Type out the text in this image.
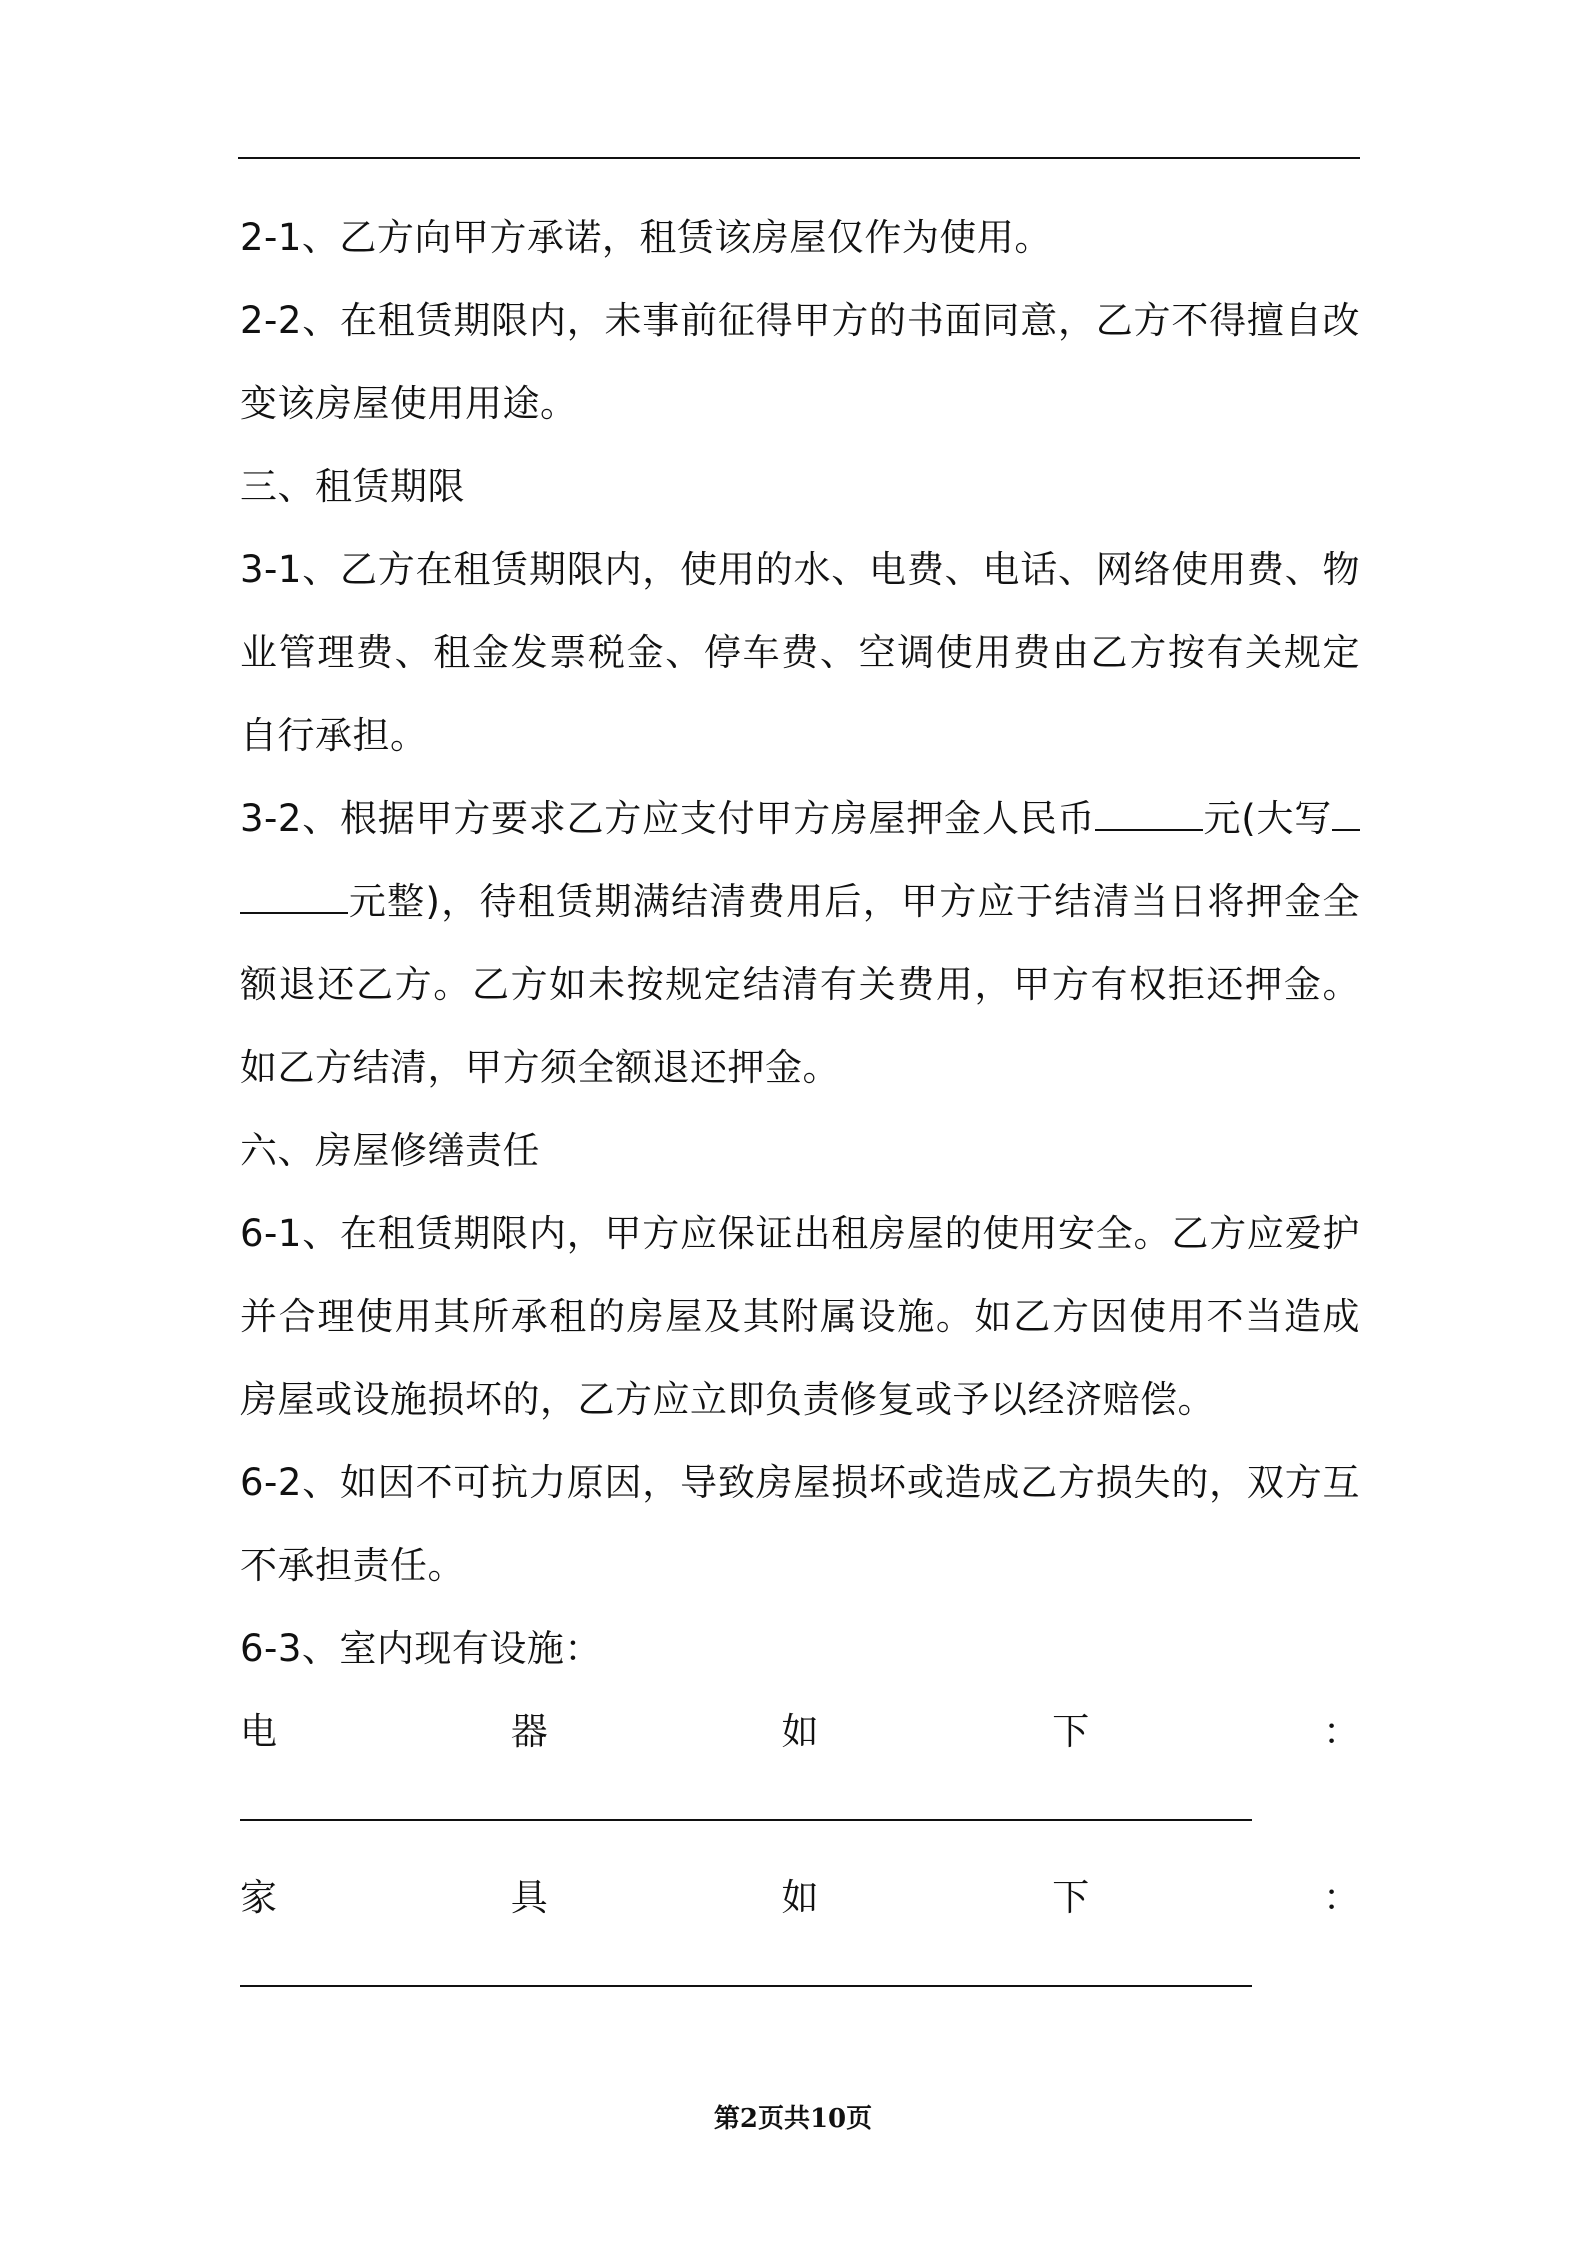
2-1、乙方向甲方承诺，租赁该房屋仅作为使用。

2-2、在租赁期限内，未事前征得甲方的书面同意，乙方不得擅自改变该房屋使用用途。

三、租赁期限

3-1、乙方在租赁期限内，使用的水、电费、电话、网络使用费、物业管理费、租金发票税金、停车费、空调使用费由乙方按有关规定自行承担。

3-2、根据甲方要求乙方应支付甲方房屋押金人民币	元(大写元整)，待租赁期满结清费用后，甲方应于结清当日将押金全额退还乙方。乙方如未按规定结清有关费用，甲方有权拒还押金。如乙方结清，甲方须全额退还押金。

六、房屋修缮责任

6-1、在租赁期限内，甲方应保证出租房屋的使用安全。乙方应爱护并合理使用其所承租的房屋及其附属设施。如乙方因使用不当造成房屋或设施损坏的，乙方应立即负责修复或予以经济赔偿。

6-2、如因不可抗力原因，导致房屋损坏或造成乙方损失的，双方互不承担责任。

6-3、室内现有设施：

电	器	如	下	：
家	具	如	下	：
第2页共10页
